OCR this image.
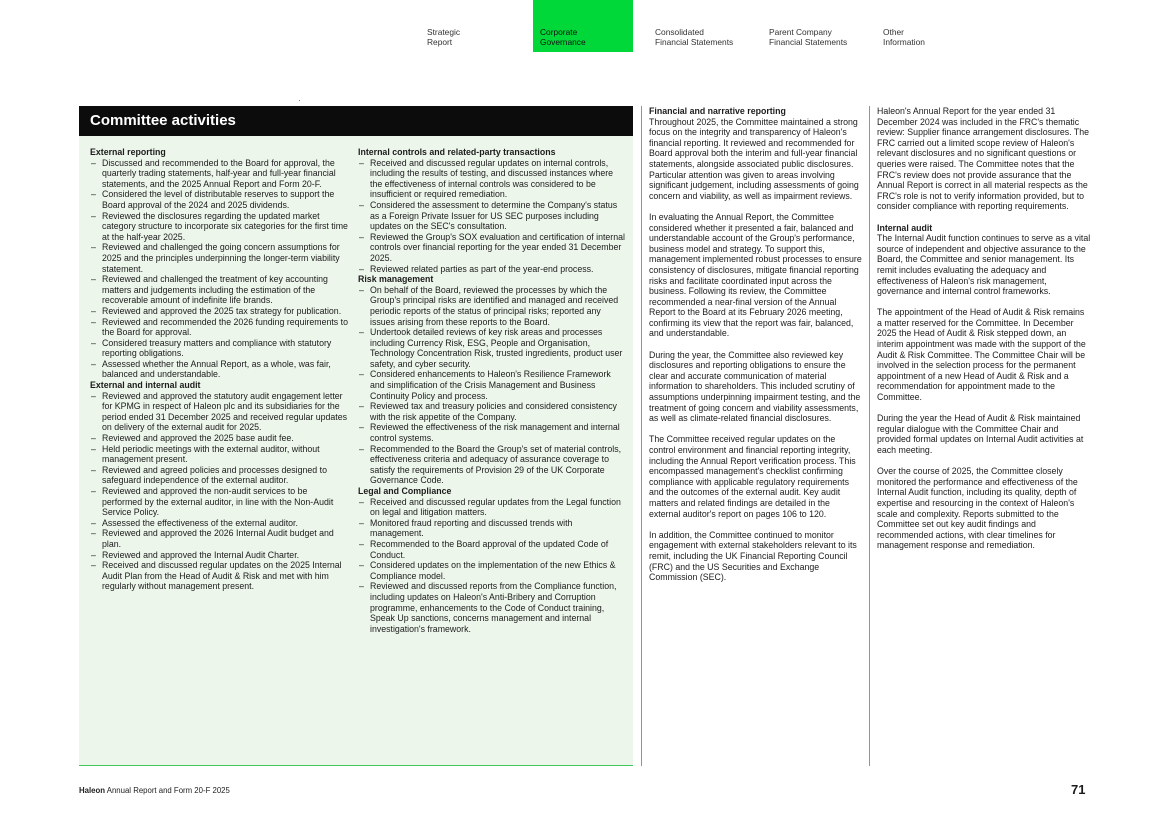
Strategic
Report
Corporate
Governance
Consolidated
Financial Statements
Parent Company
Financial Statements
Other
Information
Committee activities
External reporting
– Discussed and recommended to the Board for approval, the quarterly trading statements, half-year and full-year financial statements, and the 2025 Annual Report and Form 20-F.
– Considered the level of distributable reserves to support the Board approval of the 2024 and 2025 dividends.
– Reviewed the disclosures regarding the updated market category structure to incorporate six categories for the first time at the half-year 2025.
– Reviewed and challenged the going concern assumptions for 2025 and the principles underpinning the longer-term viability statement.
– Reviewed and challenged the treatment of key accounting matters and judgements including the estimation of the recoverable amount of indefinite life brands.
– Reviewed and approved the 2025 tax strategy for publication.
– Reviewed and recommended the 2026 funding requirements to the Board for approval.
– Considered treasury matters and compliance with statutory reporting obligations.
– Assessed whether the Annual Report, as a whole, was fair, balanced and understandable.
External and internal audit
– Reviewed and approved the statutory audit engagement letter for KPMG in respect of Haleon plc and its subsidiaries for the period ended 31 December 2025 and received regular updates on delivery of the external audit for 2025.
– Reviewed and approved the 2025 base audit fee.
– Held periodic meetings with the external auditor, without management present.
– Reviewed and agreed policies and processes designed to safeguard independence of the external auditor.
– Reviewed and approved the non-audit services to be performed by the external auditor, in line with the Non-Audit Service Policy.
– Assessed the effectiveness of the external auditor.
– Reviewed and approved the 2026 Internal Audit budget and plan.
– Reviewed and approved the Internal Audit Charter.
– Received and discussed regular updates on the 2025 Internal Audit Plan from the Head of Audit & Risk and met with him regularly without management present.
Internal controls and related-party transactions
– Received and discussed regular updates on internal controls, including the results of testing, and discussed instances where the effectiveness of internal controls was considered to be insufficient or required remediation.
– Considered the assessment to determine the Company's status as a Foreign Private Issuer for US SEC purposes including updates on the SEC's consultation.
– Reviewed the Group's SOX evaluation and certification of internal controls over financial reporting for the year ended 31 December 2025.
– Reviewed related parties as part of the year-end process.
Risk management
– On behalf of the Board, reviewed the processes by which the Group's principal risks are identified and managed and received periodic reports of the status of principal risks; reported any issues arising from these reports to the Board.
– Undertook detailed reviews of key risk areas and processes including Currency Risk, ESG, People and Organisation, Technology Concentration Risk, trusted ingredients, product user safety, and cyber security.
– Considered enhancements to Haleon's Resilience Framework and simplification of the Crisis Management and Business Continuity Policy and process.
– Reviewed tax and treasury policies and considered consistency with the risk appetite of the Company.
– Reviewed the effectiveness of the risk management and internal control systems.
– Recommended to the Board the Group's set of material controls, effectiveness criteria and adequacy of assurance coverage to satisfy the requirements of Provision 29 of the UK Corporate Governance Code.
Legal and Compliance
– Received and discussed regular updates from the Legal function on legal and litigation matters.
– Monitored fraud reporting and discussed trends with management.
– Recommended to the Board approval of the updated Code of Conduct.
– Considered updates on the implementation of the new Ethics & Compliance model.
– Reviewed and discussed reports from the Compliance function, including updates on Haleon's Anti-Bribery and Corruption programme, enhancements to the Code of Conduct training, Speak Up sanctions, concerns management and internal investigation's framework.
Financial and narrative reporting

Throughout 2025, the Committee maintained a strong focus on the integrity and transparency of Haleon's financial reporting. It reviewed and recommended for Board approval both the interim and full-year financial statements, alongside associated public disclosures. Particular attention was given to areas involving significant judgement, including assessments of going concern and viability, as well as impairment reviews.

In evaluating the Annual Report, the Committee considered whether it presented a fair, balanced and understandable account of the Group's performance, business model and strategy. To support this, management implemented robust processes to ensure consistency of disclosures, mitigate financial reporting risks and facilitate coordinated input across the business. Following its review, the Committee recommended a near-final version of the Annual Report to the Board at its February 2026 meeting, confirming its view that the report was fair, balanced, and understandable.

During the year, the Committee also reviewed key disclosures and reporting obligations to ensure the clear and accurate communication of material information to shareholders. This included scrutiny of assumptions underpinning impairment testing, and the treatment of going concern and viability assessments, as well as climate-related financial disclosures.

The Committee received regular updates on the control environment and financial reporting integrity, including the Annual Report verification process. This encompassed management's checklist confirming compliance with applicable regulatory requirements and the outcomes of the external audit. Key audit matters and related findings are detailed in the external auditor's report on pages 106 to 120.

In addition, the Committee continued to monitor engagement with external stakeholders relevant to its remit, including the UK Financial Reporting Council (FRC) and the US Securities and Exchange Commission (SEC).

Haleon's Annual Report for the year ended 31 December 2024 was included in the FRC's thematic review: Supplier finance arrangement disclosures. The FRC carried out a limited scope review of Haleon's relevant disclosures and no significant questions or queries were raised. The Committee notes that the FRC's review does not provide assurance that the Annual Report is correct in all material respects as the FRC's role is not to verify information provided, but to consider compliance with reporting requirements.

Internal audit

The Internal Audit function continues to serve as a vital source of independent and objective assurance to the Board, the Committee and senior management. Its remit includes evaluating the adequacy and effectiveness of Haleon's risk management, governance and internal control frameworks.

The appointment of the Head of Audit & Risk remains a matter reserved for the Committee. In December 2025 the Head of Audit & Risk stepped down, an interim appointment was made with the support of the Audit & Risk Committee. The Committee Chair will be involved in the selection process for the permanent appointment of a new Head of Audit & Risk and a recommendation for appointment made to the Committee.

During the year the Head of Audit & Risk maintained regular dialogue with the Committee Chair and provided formal updates on Internal Audit activities at each meeting.

Over the course of 2025, the Committee closely monitored the performance and effectiveness of the Internal Audit function, including its quality, depth of expertise and resourcing in the context of Haleon's scale and complexity. Reports submitted to the Committee set out key audit findings and recommended actions, with clear timelines for management response and remediation.

Haleon Annual Report and Form 20-F 2025	71
